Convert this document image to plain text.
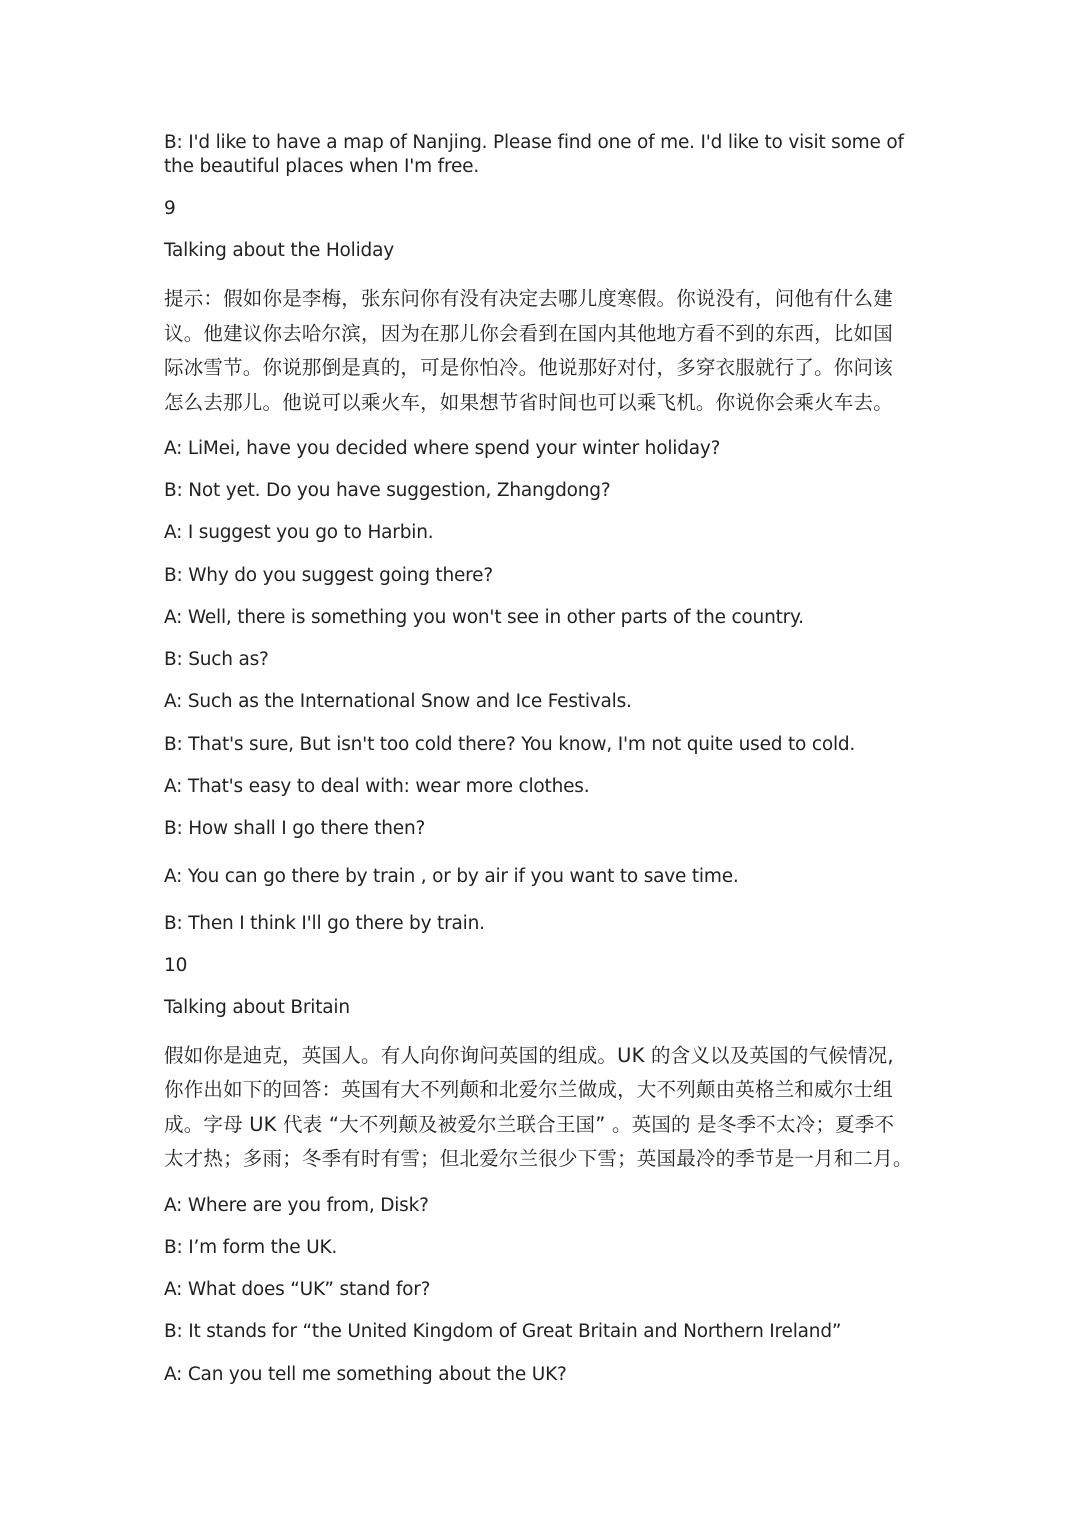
B: I'd like to have a map of Nanjing. Please find one of me. I'd like to visit some of
the beautiful places when I'm free.
9
Talking about the Holiday
提示：假如你是李梅，张东问你有没有决定去哪儿度寒假。你说没有，问他有什么建
议。他建议你去哈尔滨，因为在那儿你会看到在国内其他地方看不到的东西，比如国
际冰雪节。你说那倒是真的，可是你怕冷。他说那好对付，多穿衣服就行了。你问该
怎么去那儿。他说可以乘火车，如果想节省时间也可以乘飞机。你说你会乘火车去。
A: LiMei, have you decided where spend your winter holiday?
B: Not yet. Do you have suggestion, Zhangdong?
A: I suggest you go to Harbin.
B: Why do you suggest going there?
A: Well, there is something you won't see in other parts of the country.
B: Such as?
A: Such as the International Snow and Ice Festivals.
B: That's sure, But isn't too cold there? You know, I'm not quite used to cold.
A: That's easy to deal with: wear more clothes.
B: How shall I go there then?
A: You can go there by train , or by air if you want to save time.
B: Then I think I'll go there by train.
10
Talking about Britain
假如你是迪克，英国人。有人向你询问英国的组成。UK 的含义以及英国的气候情况,
你作出如下的回答：英国有大不列颠和北爱尔兰做成，大不列颠由英格兰和威尔士组
成。字母 UK 代表 “大不列颠及被爱尔兰联合王国” 。英国的 是冬季不太冷；夏季不
太才热；多雨；冬季有时有雪；但北爱尔兰很少下雪；英国最冷的季节是一月和二月。
A: Where are you from, Disk?
B: I’m form the UK.
A: What does “UK” stand for?
B: It stands for “the United Kingdom of Great Britain and Northern Ireland”
A: Can you tell me something about the UK?
